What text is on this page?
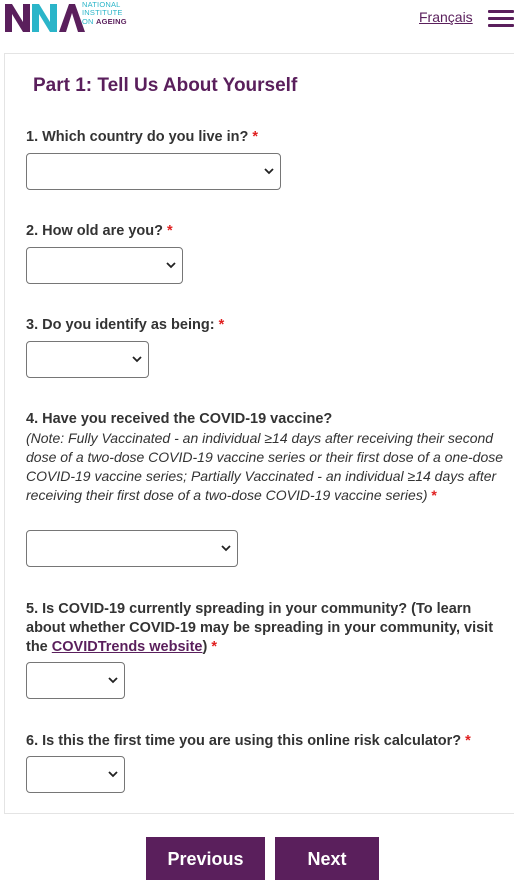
NATIONAL
INSTITUTE
ON AGEING	Français
Part 1: Tell Us About Yourself

1. Which country do you live in? *

2. How old are you? *

3. Do you identify as being: *

4. Have you received the COVID-19 vaccine?

(Note: Fully Vaccinated - an individual ≥14 days after receiving their second dose of a two-dose COVID-19 vaccine series or their first dose of a one-dose COVID-19 vaccine series; Partially Vaccinated - an individual ≥14 days after receiving their first dose of a two-dose COVID-19 vaccine series) *

5. Is COVID-19 currently spreading in your community? (To learn about whether COVID-19 may be spreading in your community, visit the COVIDTrends website) *

6. Is this the first time you are using this online risk calculator? *

Previous	Next
